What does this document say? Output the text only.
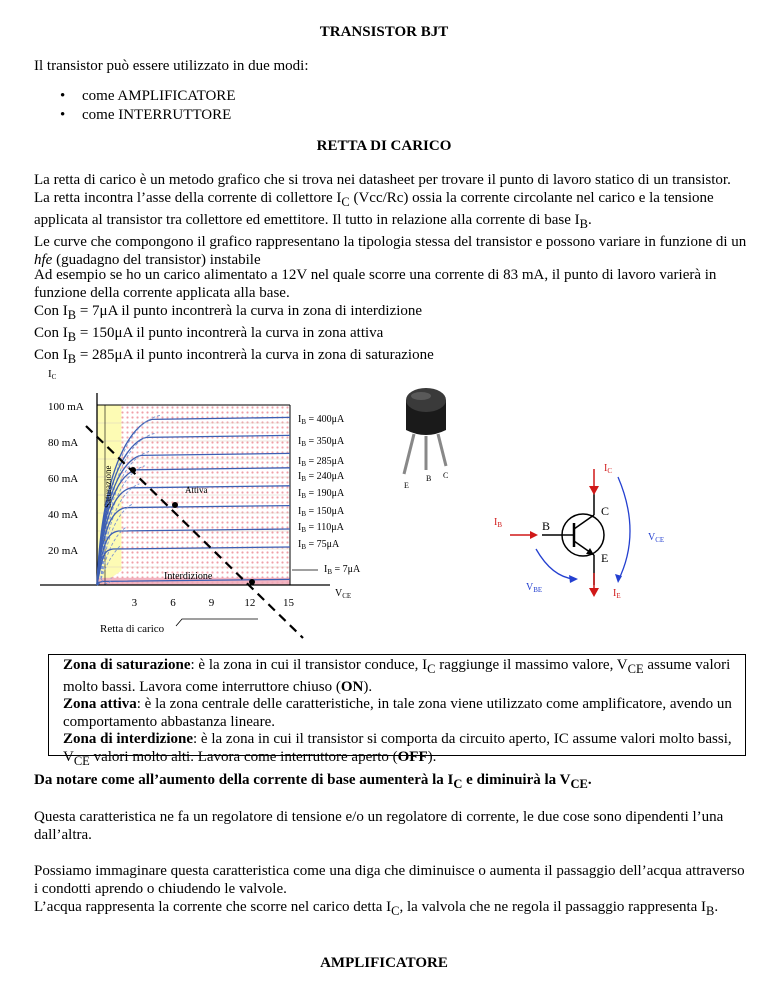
TRANSISTOR BJT

Il transistor può essere utilizzato in due modi:

• come AMPLIFICATORE
• come INTERRUTTORE
RETTA DI CARICO

La retta di carico è un metodo grafico che si trova nei datasheet per trovare il punto di lavoro statico di un transistor. La retta incontra l’asse della corrente di collettore $I_C$ (Vcc/Rc) ossia la corrente circolante nel carico e la tensione applicata al transistor tra collettore ed emettitore. Il tutto in relazione alla corrente di base $I_B$.

Le curve che compongono il grafico rappresentano la tipologia stessa del transistor e possono variare in funzione di un hfe (guadagno del transistor) instabile

Ad esempio se ho un carico alimentato a 12V nel quale scorre una corrente di 83 mA, il punto di lavoro varierà in funzione della corrente applicata alla base.

Con $I_B = 7\mu A$ il punto incontrerà la curva in zona di interdizione

Con $I_B = 150\mu A$ il punto incontrerà la curva in zona attiva

Con $I_B = 285\mu A$ il punto incontrerà la curva in zona di saturazione

100 mA
80 mA
60 mA
40 mA
20 mA
IC
3	6	9	12	15
$V_{CE}$
$I_B = 400\mu A$
$I_B = 350\mu A$
$I_B = 285\mu A$
$I_B = 240\mu A$
$I_B = 190\mu A$
$I_B = 150\mu A$
$I_B = 110\mu A$
$I_B = 75\mu A$
$I_B = 7\mu A$
Attiva
Interdizione
Saturazione
Retta di carico
E
B C
$I_B$
$I_C$
$I_E$
C
B
E
$V_{CE}$
$V_{BE}$

Zona di saturazione: è la zona in cui il transistor conduce, $I_C$ raggiunge il massimo valore, $V_{CE}$ assume valori molto bassi. Lavora come interruttore chiuso (ON).

Zona attiva: è la zona centrale delle caratteristiche, in tale zona viene utilizzato come amplificatore, avendo un comportamento abbastanza lineare.

Zona di interdizione: è la zona in cui il transistor si comporta da circuito aperto, IC assume valori molto bassi, $V_{CE}$ valori molto alti. Lavora come interruttore aperto (OFF).

Da notare come all’aumento della corrente di base aumenterà la $I_C$ e diminuirà la $V_{CE}$.

Questa caratteristica ne fa un regolatore di tensione e/o un regolatore di corrente, le due cose sono dipendenti l’una dall’altra.

Possiamo immaginare questa caratteristica come una diga che diminuisce o aumenta il passaggio dell’acqua attraverso i condotti aprendo o chiudendo le valvole.

L’acqua rappresenta la corrente che scorre nel carico detta $I_C$, la valvola che ne regola il passaggio rappresenta $I_B$.

AMPLIFICATORE
